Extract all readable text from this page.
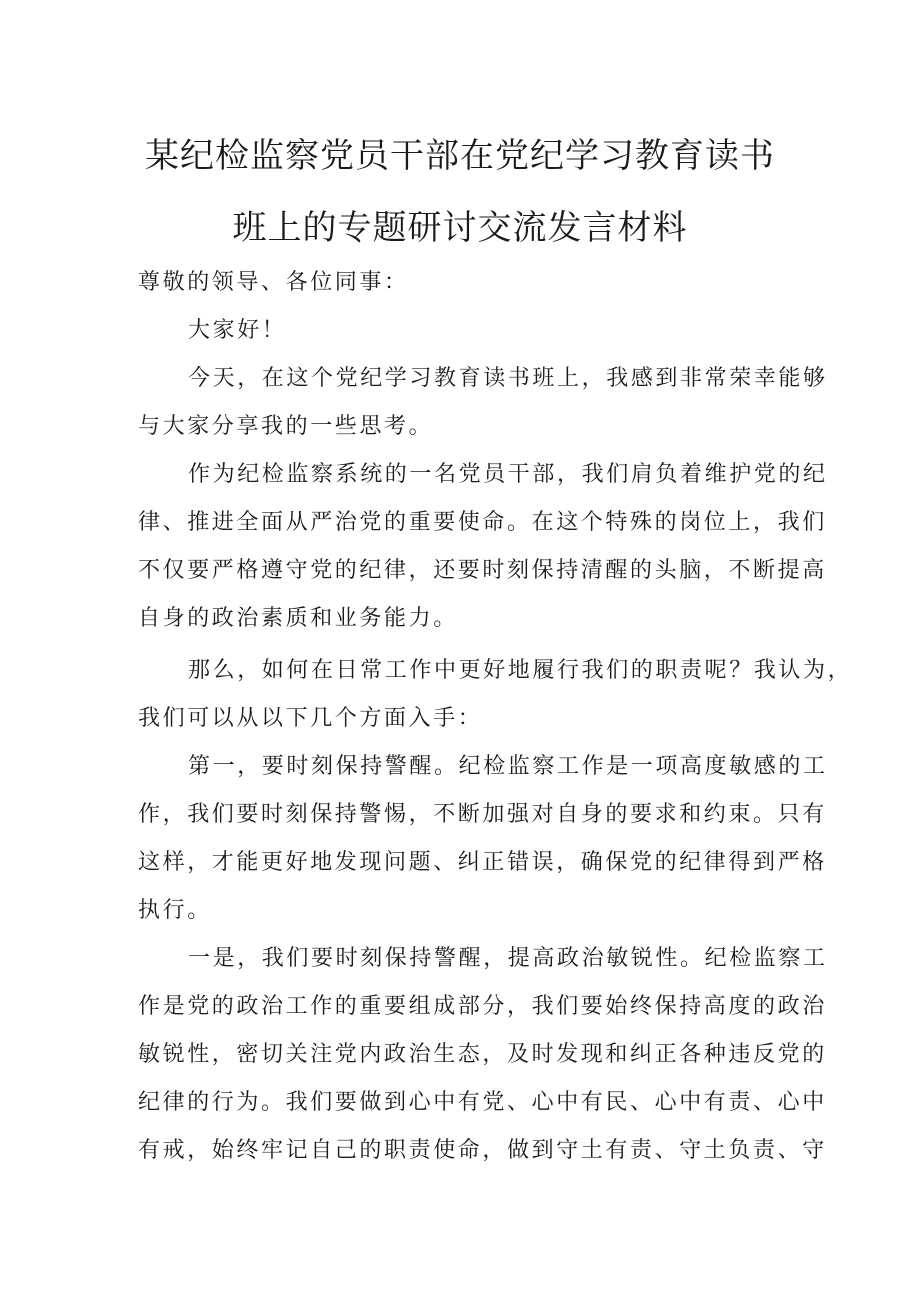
某纪检监察党员干部在党纪学习教育读书
班上的专题研讨交流发言材料
尊敬的领导、各位同事：
大家好！
今天，在这个党纪学习教育读书班上，我感到非常荣幸能够
与大家分享我的一些思考。
作为纪检监察系统的一名党员干部，我们肩负着维护党的纪
律、推进全面从严治党的重要使命。在这个特殊的岗位上，我们
不仅要严格遵守党的纪律，还要时刻保持清醒的头脑，不断提高
自身的政治素质和业务能力。
那么，如何在日常工作中更好地履行我们的职责呢？我认为，
我们可以从以下几个方面入手：
第一，要时刻保持警醒。纪检监察工作是一项高度敏感的工
作，我们要时刻保持警惕，不断加强对自身的要求和约束。只有
这样，才能更好地发现问题、纠正错误，确保党的纪律得到严格
执行。
一是，我们要时刻保持警醒，提高政治敏锐性。纪检监察工
作是党的政治工作的重要组成部分，我们要始终保持高度的政治
敏锐性，密切关注党内政治生态，及时发现和纠正各种违反党的
纪律的行为。我们要做到心中有党、心中有民、心中有责、心中
有戒，始终牢记自己的职责使命，做到守土有责、守土负责、守
